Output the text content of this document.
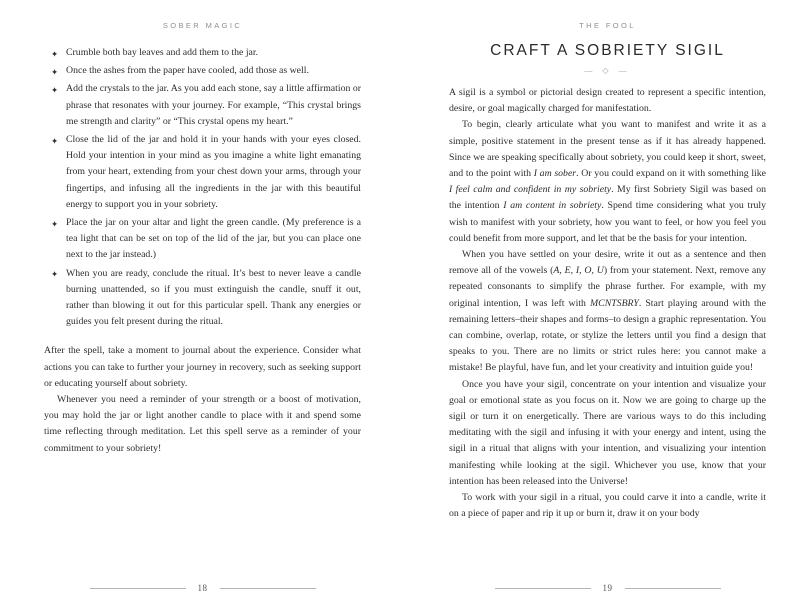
SOBER MAGIC
✦ Crumble both bay leaves and add them to the jar.
✦ Once the ashes from the paper have cooled, add those as well.
✦ Add the crystals to the jar. As you add each stone, say a little affirmation or phrase that resonates with your journey. For example, “This crystal brings me strength and clarity” or “This crystal opens my heart.”
✦ Close the lid of the jar and hold it in your hands with your eyes closed. Hold your intention in your mind as you imagine a white light emanating from your heart, extending from your chest down your arms, through your fingertips, and infusing all the ingredients in the jar with this beautiful energy to support you in your sobriety.
✦ Place the jar on your altar and light the green candle. (My preference is a tea light that can be set on top of the lid of the jar, but you can place one next to the jar instead.)
✦ When you are ready, conclude the ritual. It’s best to never leave a candle burning unattended, so if you must extinguish the candle, snuff it out, rather than blowing it out for this particular spell. Thank any energies or guides you felt present during the ritual.

After the spell, take a moment to journal about the experience. Consider what actions you can take to further your journey in recovery, such as seeking support or educating yourself about sobriety.

Whenever you need a reminder of your strength or a boost of motivation, you may hold the jar or light another candle to place with it and spend some time reflecting through meditation. Let this spell serve as a reminder of your commitment to your sobriety!

18
THE FOOL
CRAFT A SOBRIETY SIGIL
— ◇ —

A sigil is a symbol or pictorial design created to represent a specific intention, desire, or goal magically charged for manifestation.

To begin, clearly articulate what you want to manifest and write it as a simple, positive statement in the present tense as if it has already happened. Since we are speaking specifically about sobriety, you could keep it short, sweet, and to the point with I am sober. Or you could expand on it with something like I feel calm and confident in my sobriety. My first Sobriety Sigil was based on the intention I am content in sobriety. Spend time considering what you truly wish to manifest with your sobriety, how you want to feel, or how you feel you could benefit from more support, and let that be the basis for your intention.

When you have settled on your desire, write it out as a sentence and then remove all of the vowels (A, E, I, O, U) from your statement. Next, remove any repeated consonants to simplify the phrase further. For example, with my original intention, I was left with MCNTSBRY. Start playing around with the remaining letters–their shapes and forms–to design a graphic representation. You can combine, overlap, rotate, or stylize the letters until you find a design that speaks to you. There are no limits or strict rules here: you cannot make a mistake! Be playful, have fun, and let your creativity and intuition guide you!

Once you have your sigil, concentrate on your intention and visualize your goal or emotional state as you focus on it. Now we are going to charge up the sigil or turn it on energetically. There are various ways to do this including meditating with the sigil and infusing it with your energy and intent, using the sigil in a ritual that aligns with your intention, and visualizing your intention manifesting while looking at the sigil. Whichever you use, know that your intention has been released into the Universe!

To work with your sigil in a ritual, you could carve it into a candle, write it on a piece of paper and rip it up or burn it, draw it on your body

19
